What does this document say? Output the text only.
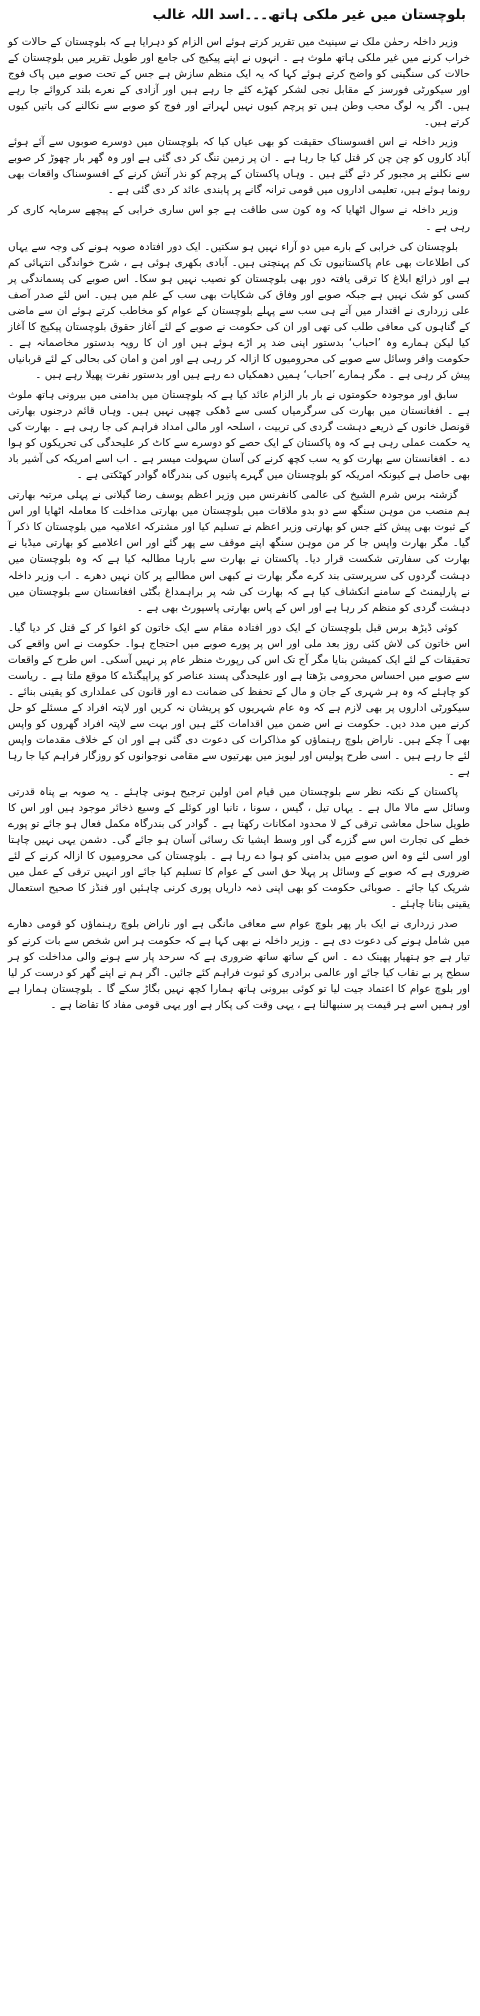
بلوچستان میں غیر ملکی ہاتھ۔۔۔اسد اللہ غالب

وزیر داخلہ رحمٰن ملک نے سینیٹ میں تقریر کرتے ہوئے اس الزام کو دہرایا ہے کہ بلوچستان کے حالات کو خراب کرنے میں غیر ملکی ہاتھ ملوث ہے ۔ انہوں نے اپنے پیکیج کی جامع اور طویل تقریر میں بلوچستان کے حالات کی سنگینی کو واضح کرتے ہوئے کہا کہ یہ ایک منظم سازش ہے جس کے تحت صوبے میں پاک فوج اور سیکورٹی فورسز کے مقابل نجی لشکر کھڑے کئے جا رہے ہیں اور آزادی کے نعرے بلند کروائے جا رہے ہیں۔ اگر یہ لوگ محب وطن ہیں تو پرچم کیوں نہیں لہراتے اور فوج کو صوبے سے نکالنے کی باتیں کیوں کرتے ہیں۔

وزیر داخلہ نے اس افسوسناک حقیقت کو بھی عیاں کیا کہ بلوچستان میں دوسرے صوبوں سے آئے ہوئے آباد کاروں کو چن چن کر قتل کیا جا رہا ہے ۔ ان پر زمین تنگ کر دی گئی ہے اور وہ گھر بار چھوڑ کر صوبے سے نکلنے پر مجبور کر دئے گئے ہیں ۔ وہاں پاکستان کے پرچم کو نذر آتش کرنے کے افسوسناک واقعات بھی رونما ہوئے ہیں، تعلیمی اداروں میں قومی ترانہ گانے پر پابندی عائد کر دی گئی ہے ۔

وزیر داخلہ نے سوال اٹھایا کہ وہ کون سی طاقت ہے جو اس ساری خرابی کے پیچھے سرمایہ کاری کر رہی ہے ۔

بلوچستان کی خرابی کے بارے میں دو آراء نہیں ہو سکتیں۔ ایک دور افتادہ صوبہ ہونے کی وجہ سے یہاں کی اطلاعات بھی عام پاکستانیوں تک کم پہنچتی ہیں۔ آبادی بکھری ہوئی ہے ، شرح خواندگی انتہائی کم ہے اور ذرائع ابلاغ کا ترقی یافتہ دور بھی بلوچستان کو نصیب نہیں ہو سکا۔ اس صوبے کی پسماندگی پر کسی کو شک نہیں ہے جبکہ صوبے اور وفاق کی شکایات بھی سب کے علم میں ہیں۔ اس لئے صدر آصف علی زرداری نے اقتدار میں آتے ہی سب سے پہلے بلوچستان کے عوام کو مخاطب کرتے ہوئے ان سے ماضی کے گناہوں کی معافی طلب کی تھی اور ان کی حکومت نے صوبے کے لئے آغاز حقوق بلوچستان پیکیج کا آغاز کیا لیکن ہمارے وہ ’احباب‘ بدستور اپنی ضد پر اڑے ہوئے ہیں اور ان کا رویہ بدستور مخاصمانہ ہے ۔ حکومت وافر وسائل سے صوبے کی محرومیوں کا ازالہ کر رہی ہے اور امن و امان کی بحالی کے لئے قربانیاں پیش کر رہی ہے ۔ مگر ہمارے ’احباب‘ ہمیں دھمکیاں دے رہے ہیں اور بدستور نفرت پھیلا رہے ہیں ۔

سابق اور موجودہ حکومتوں نے بار بار الزام عائد کیا ہے کہ بلوچستان میں بدامنی میں بیرونی ہاتھ ملوث ہے ۔ افغانستان میں بھارت کی سرگرمیاں کسی سے ڈھکی چھپی نہیں ہیں۔ وہاں قائم درجنوں بھارتی قونصل خانوں کے ذریعے دہشت گردی کی تربیت ، اسلحہ اور مالی امداد فراہم کی جا رہی ہے ۔ بھارت کی یہ حکمت عملی رہی ہے کہ وہ پاکستان کے ایک حصے کو دوسرے سے کاٹ کر علیحدگی کی تحریکوں کو ہوا دے ۔ افغانستان سے بھارت کو یہ سب کچھ کرنے کی آسان سہولت میسر ہے ۔ اب اسے امریکہ کی آشیر باد بھی حاصل ہے کیونکہ امریکہ کو بلوچستان میں گہرے پانیوں کی بندرگاہ گوادر کھٹکتی ہے ۔

گزشتہ برس شرم الشیخ کی عالمی کانفرنس میں وزیر اعظم یوسف رضا گیلانی نے پہلی مرتبہ بھارتی ہم منصب من موہن سنگھ سے دو بدو ملاقات میں بلوچستان میں بھارتی مداخلت کا معاملہ اٹھایا اور اس کے ثبوت بھی پیش کئے جس کو بھارتی وزیر اعظم نے تسلیم کیا اور مشترکہ اعلامیہ میں بلوچستان کا ذکر آ گیا۔ مگر بھارت واپس جا کر من موہن سنگھ اپنے موقف سے پھر گئے اور اس اعلامیے کو بھارتی میڈیا نے بھارت کی سفارتی شکست قرار دیا۔ پاکستان نے بھارت سے بارہا مطالبہ کیا ہے کہ وہ بلوچستان میں دہشت گردوں کی سرپرستی بند کرے مگر بھارت نے کبھی اس مطالبے پر کان نہیں دھرے ۔ اب وزیر داخلہ نے پارلیمنٹ کے سامنے انکشاف کیا ہے کہ بھارت کی شہ پر براہمداغ بگٹی افغانستان سے بلوچستان میں دہشت گردی کو منظم کر رہا ہے اور اس کے پاس بھارتی پاسپورٹ بھی ہے ۔

کوئی ڈیڑھ برس قبل بلوچستان کے ایک دور افتادہ مقام سے ایک خاتون کو اغوا کر کے قتل کر دیا گیا۔ اس خاتون کی لاش کئی روز بعد ملی اور اس پر پورے صوبے میں احتجاج ہوا۔ حکومت نے اس واقعے کی تحقیقات کے لئے ایک کمیشن بنایا مگر آج تک اس کی رپورٹ منظر عام پر نہیں آسکی۔ اس طرح کے واقعات سے صوبے میں احساس محرومی بڑھتا ہے اور علیحدگی پسند عناصر کو پراپیگنڈے کا موقع ملتا ہے ۔ ریاست کو چاہئے کہ وہ ہر شہری کے جان و مال کے تحفظ کی ضمانت دے اور قانون کی عملداری کو یقینی بنائے ۔ سیکورٹی اداروں پر بھی لازم ہے کہ وہ عام شہریوں کو پریشان نہ کریں اور لاپتہ افراد کے مسئلے کو حل کرنے میں مدد دیں۔ حکومت نے اس ضمن میں اقدامات کئے ہیں اور بہت سے لاپتہ افراد گھروں کو واپس بھی آ چکے ہیں۔ ناراض بلوچ رہنماؤں کو مذاکرات کی دعوت دی گئی ہے اور ان کے خلاف مقدمات واپس لئے جا رہے ہیں ۔ اسی طرح پولیس اور لیویز میں بھرتیوں سے مقامی نوجوانوں کو روزگار فراہم کیا جا رہا ہے ۔

پاکستان کے نکتہ نظر سے بلوچستان میں قیام امن اولین ترجیح ہونی چاہئے ۔ یہ صوبہ بے پناہ قدرتی وسائل سے مالا مال ہے ۔ یہاں تیل ، گیس ، سونا ، تانبا اور کوئلے کے وسیع ذخائر موجود ہیں اور اس کا طویل ساحل معاشی ترقی کے لا محدود امکانات رکھتا ہے ۔ گوادر کی بندرگاہ مکمل فعال ہو جائے تو پورے خطے کی تجارت اس سے گزرے گی اور وسط ایشیا تک رسائی آسان ہو جائے گی۔ دشمن یہی نہیں چاہتا اور اسی لئے وہ اس صوبے میں بدامنی کو ہوا دے رہا ہے ۔ بلوچستان کی محرومیوں کا ازالہ کرنے کے لئے ضروری ہے کہ صوبے کے وسائل پر پہلا حق اسی کے عوام کا تسلیم کیا جائے اور انہیں ترقی کے عمل میں شریک کیا جائے ۔ صوبائی حکومت کو بھی اپنی ذمہ داریاں پوری کرنی چاہئیں اور فنڈز کا صحیح استعمال یقینی بنانا چاہئے ۔

صدر زرداری نے ایک بار پھر بلوچ عوام سے معافی مانگی ہے اور ناراض بلوچ رہنماؤں کو قومی دھارے میں شامل ہونے کی دعوت دی ہے ۔ وزیر داخلہ نے بھی کہا ہے کہ حکومت ہر اس شخص سے بات کرنے کو تیار ہے جو ہتھیار پھینک دے ۔ اس کے ساتھ ساتھ ضروری ہے کہ سرحد پار سے ہونے والی مداخلت کو ہر سطح پر بے نقاب کیا جائے اور عالمی برادری کو ثبوت فراہم کئے جائیں۔ اگر ہم نے اپنے گھر کو درست کر لیا اور بلوچ عوام کا اعتماد جیت لیا تو کوئی بیرونی ہاتھ ہمارا کچھ نہیں بگاڑ سکے گا ۔ بلوچستان ہمارا ہے اور ہمیں اسے ہر قیمت پر سنبھالنا ہے ، یہی وقت کی پکار ہے اور یہی قومی مفاد کا تقاضا ہے ۔
